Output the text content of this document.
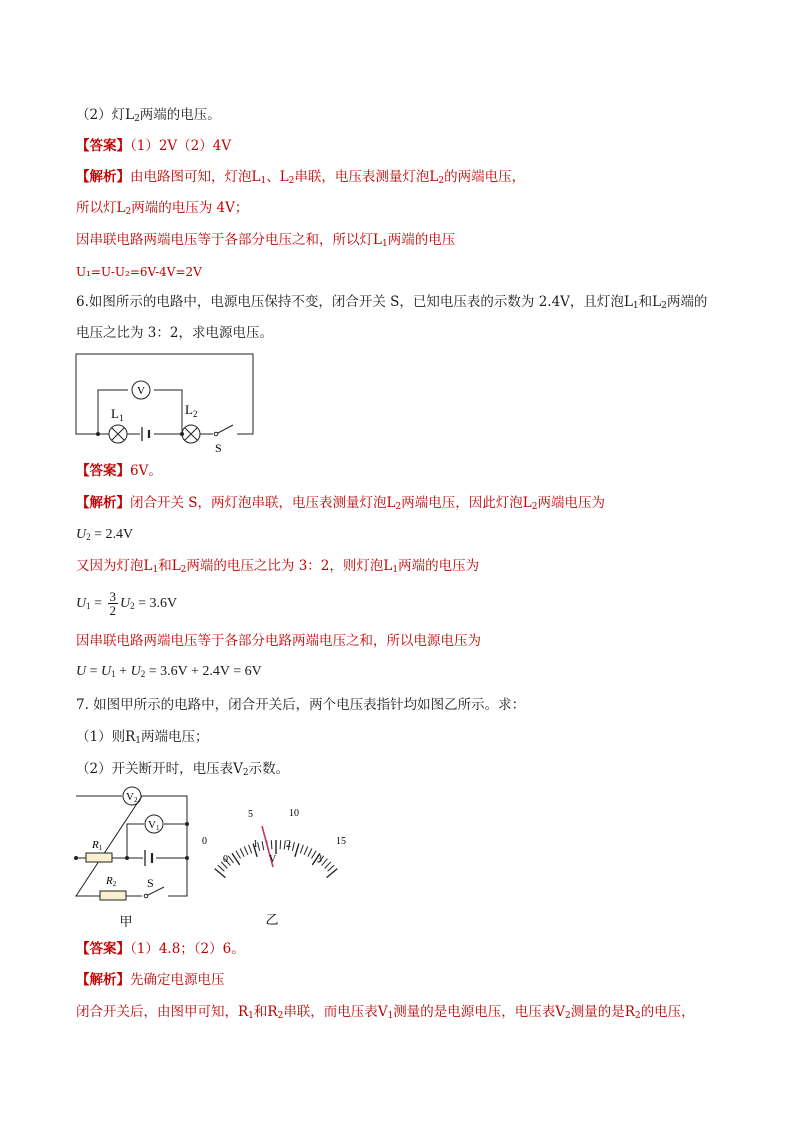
（2）灯$L_2$两端的电压。
【答案】（1）2V（2）4V
【解析】由电路图可知，灯泡$L_1$、$L_2$串联，电压表测量灯泡$L_2$的两端电压，
所以灯$L_2$两端的电压为 4V；
因串联电路两端电压等于各部分电压之和，所以灯$L_1$两端的电压
U₁=U-U₂=6V-4V=2V
6.如图所示的电路中，电源电压保持不变，闭合开关 S，已知电压表的示数为 2.4V，且灯泡$L_1$和$L_2$两端的
电压之比为 3：2，求电源电压。
V
$L_1$
$L_2$
S
【答案】6V。
【解析】闭合开关 S，两灯泡串联，电压表测量灯泡$L_2$两端电压，因此灯泡$L_2$两端电压为
$U_2 = 2.4V$
又因为灯泡$L_1$和$L_2$两端的电压之比为 3：2，则灯泡$L_1$两端的电压为
$U_1 = \frac{3}{2} U_2 = 3.6V$
因串联电路两端电压等于各部分电路两端电压之和，所以电源电压为
$U = U_1 + U_2 = 3.6V + 2.4V = 6V$
7. 如图甲所示的电路中，闭合开关后，两个电压表指针均如图乙所示。求：
（1）则$R_1$两端电压；
（2）开关断开时，电压表$V_2$示数。
V2
V1
R1
R2	S
甲
0
5	10
15
0
1	2
3
V
乙
【答案】（1）4.8；（2）6。
【解析】先确定电源电压
闭合开关后，由图甲可知，$R_1$和$R_2$串联，而电压表$V_1$测量的是电源电压，电压表$V_2$测量的是$R_2$的电压，
